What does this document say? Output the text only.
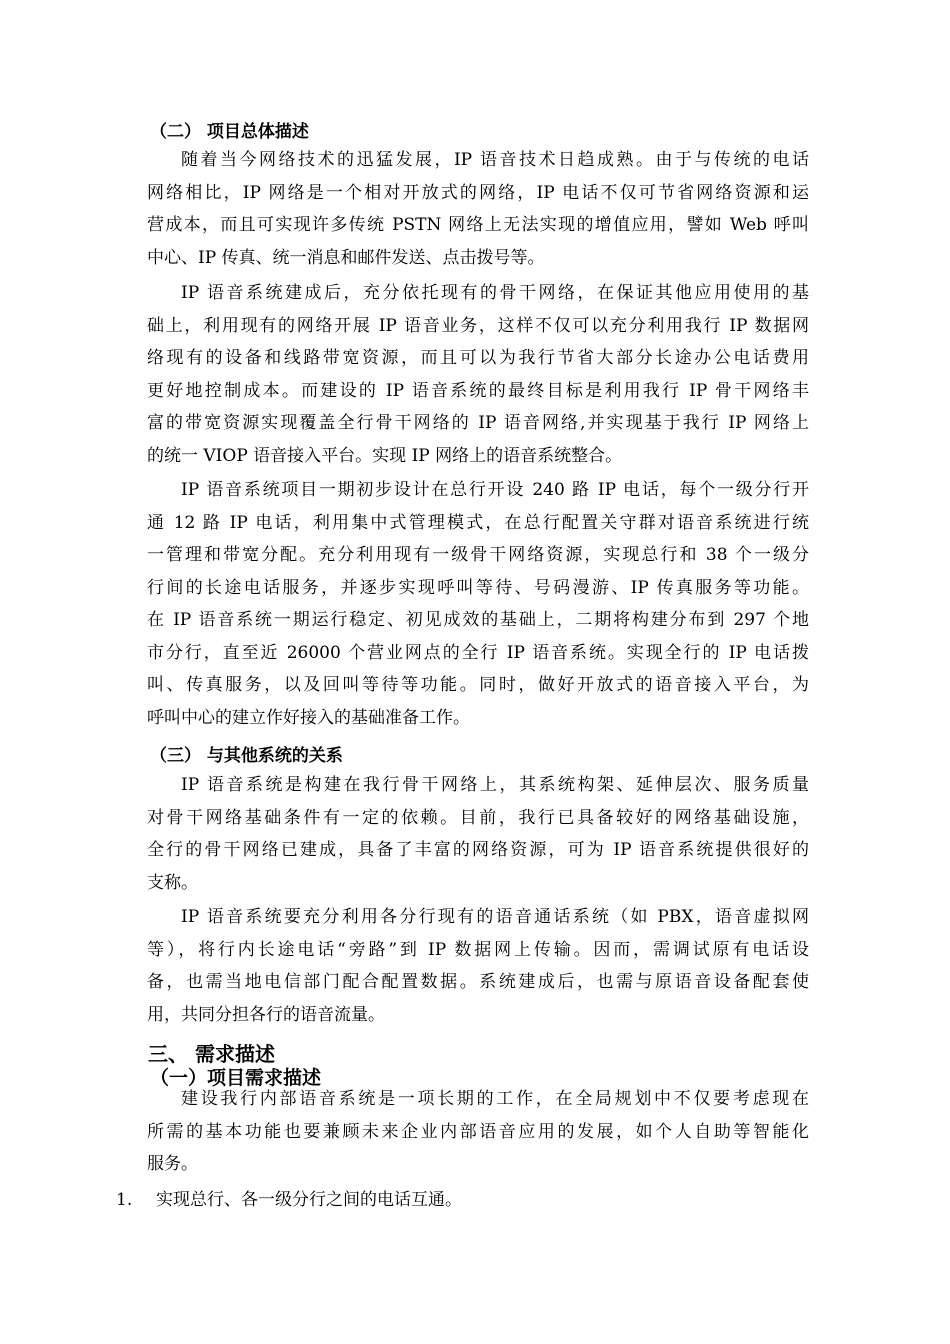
（二） 项目总体描述
随着当今网络技术的迅猛发展，IP 语音技术日趋成熟。由于与传统的电话
网络相比，IP 网络是一个相对开放式的网络，IP 电话不仅可节省网络资源和运
营成本，而且可实现许多传统 PSTN 网络上无法实现的增值应用，譬如 Web 呼叫
中心、IP 传真、统一消息和邮件发送、点击拨号等。
IP 语音系统建成后，充分依托现有的骨干网络，在保证其他应用使用的基
础上，利用现有的网络开展 IP 语音业务，这样不仅可以充分利用我行 IP 数据网
络现有的设备和线路带宽资源，而且可以为我行节省大部分长途办公电话费用
更好地控制成本。而建设的 IP 语音系统的最终目标是利用我行 IP 骨干网络丰
富的带宽资源实现覆盖全行骨干网络的 IP 语音网络,并实现基于我行 IP 网络上
的统一 VIOP 语音接入平台。实现 IP 网络上的语音系统整合。
IP 语音系统项目一期初步设计在总行开设 240 路 IP 电话，每个一级分行开
通 12 路 IP 电话，利用集中式管理模式，在总行配置关守群对语音系统进行统
一管理和带宽分配。充分利用现有一级骨干网络资源，实现总行和 38 个一级分
行间的长途电话服务，并逐步实现呼叫等待、号码漫游、IP 传真服务等功能。
在 IP 语音系统一期运行稳定、初见成效的基础上，二期将构建分布到 297 个地
市分行，直至近 26000 个营业网点的全行 IP 语音系统。实现全行的 IP 电话拨
叫、传真服务，以及回叫等待等功能。同时，做好开放式的语音接入平台，为
呼叫中心的建立作好接入的基础准备工作。
（三） 与其他系统的关系
IP 语音系统是构建在我行骨干网络上，其系统构架、延伸层次、服务质量
对骨干网络基础条件有一定的依赖。目前，我行已具备较好的网络基础设施，
全行的骨干网络已建成，具备了丰富的网络资源，可为 IP 语音系统提供很好的
支称。
IP 语音系统要充分利用各分行现有的语音通话系统（如 PBX，语音虚拟网
等），将行内长途电话“旁路”到 IP 数据网上传输。因而，需调试原有电话设
备，也需当地电信部门配合配置数据。系统建成后，也需与原语音设备配套使
用，共同分担各行的语音流量。
三、 需求描述
（一）项目需求描述
建设我行内部语音系统是一项长期的工作，在全局规划中不仅要考虑现在
所需的基本功能也要兼顾未来企业内部语音应用的发展，如个人自助等智能化
服务。
1. 实现总行、各一级分行之间的电话互通。
